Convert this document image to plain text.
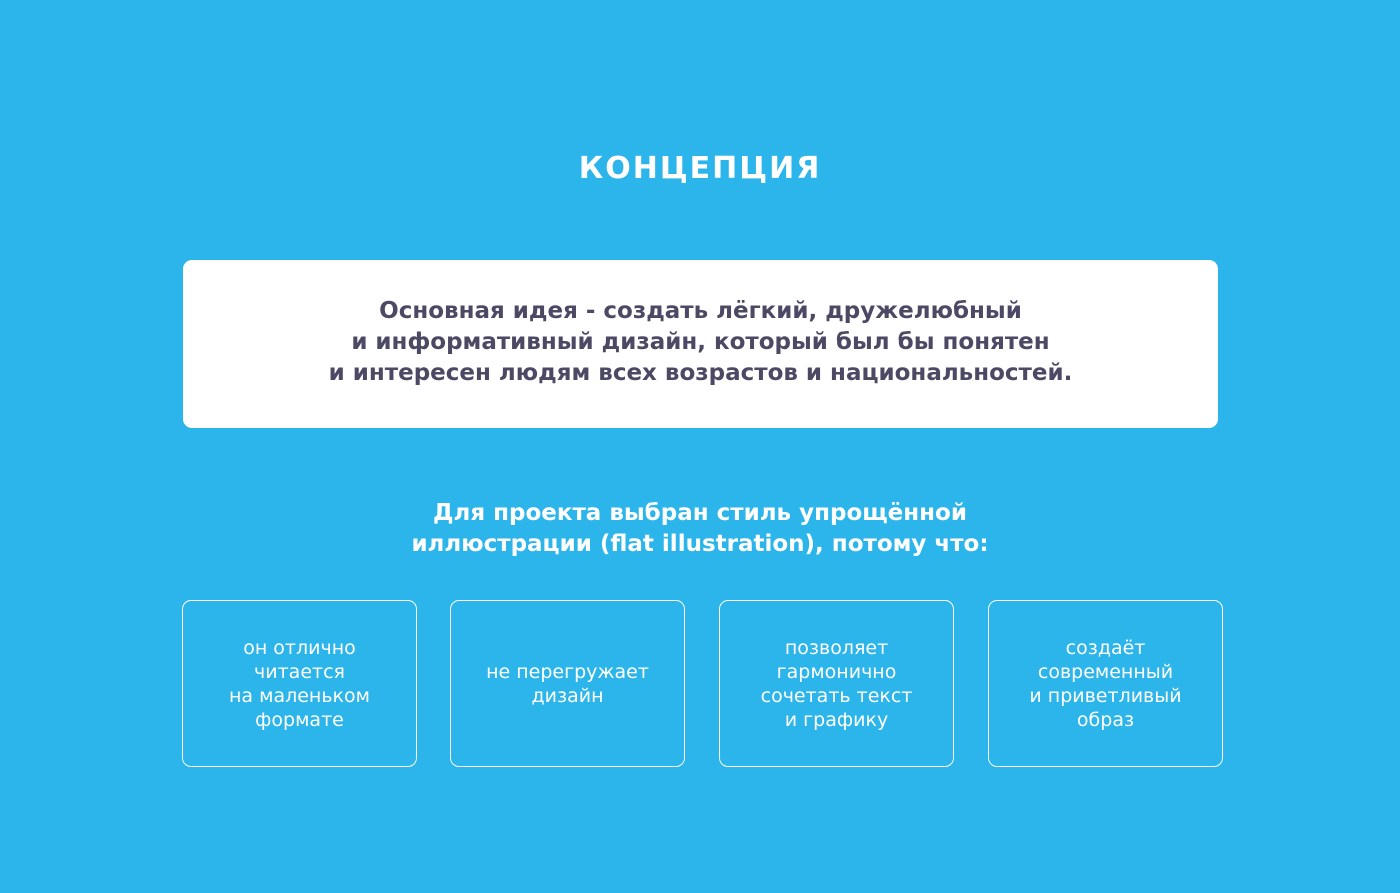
КОНЦЕПЦИЯ
Основная идея - создать лёгкий, дружелюбный
и информативный дизайн, который был бы понятен
и интересен людям всех возрастов и национальностей.
Для проекта выбран стиль упрощённой
иллюстрации (flat illustration), потому что:
он отлично
читается
на маленьком
формате
не перегружает
дизайн
позволяет
гармонично
сочетать текст
и графику
создаёт
современный
и приветливый
образ
